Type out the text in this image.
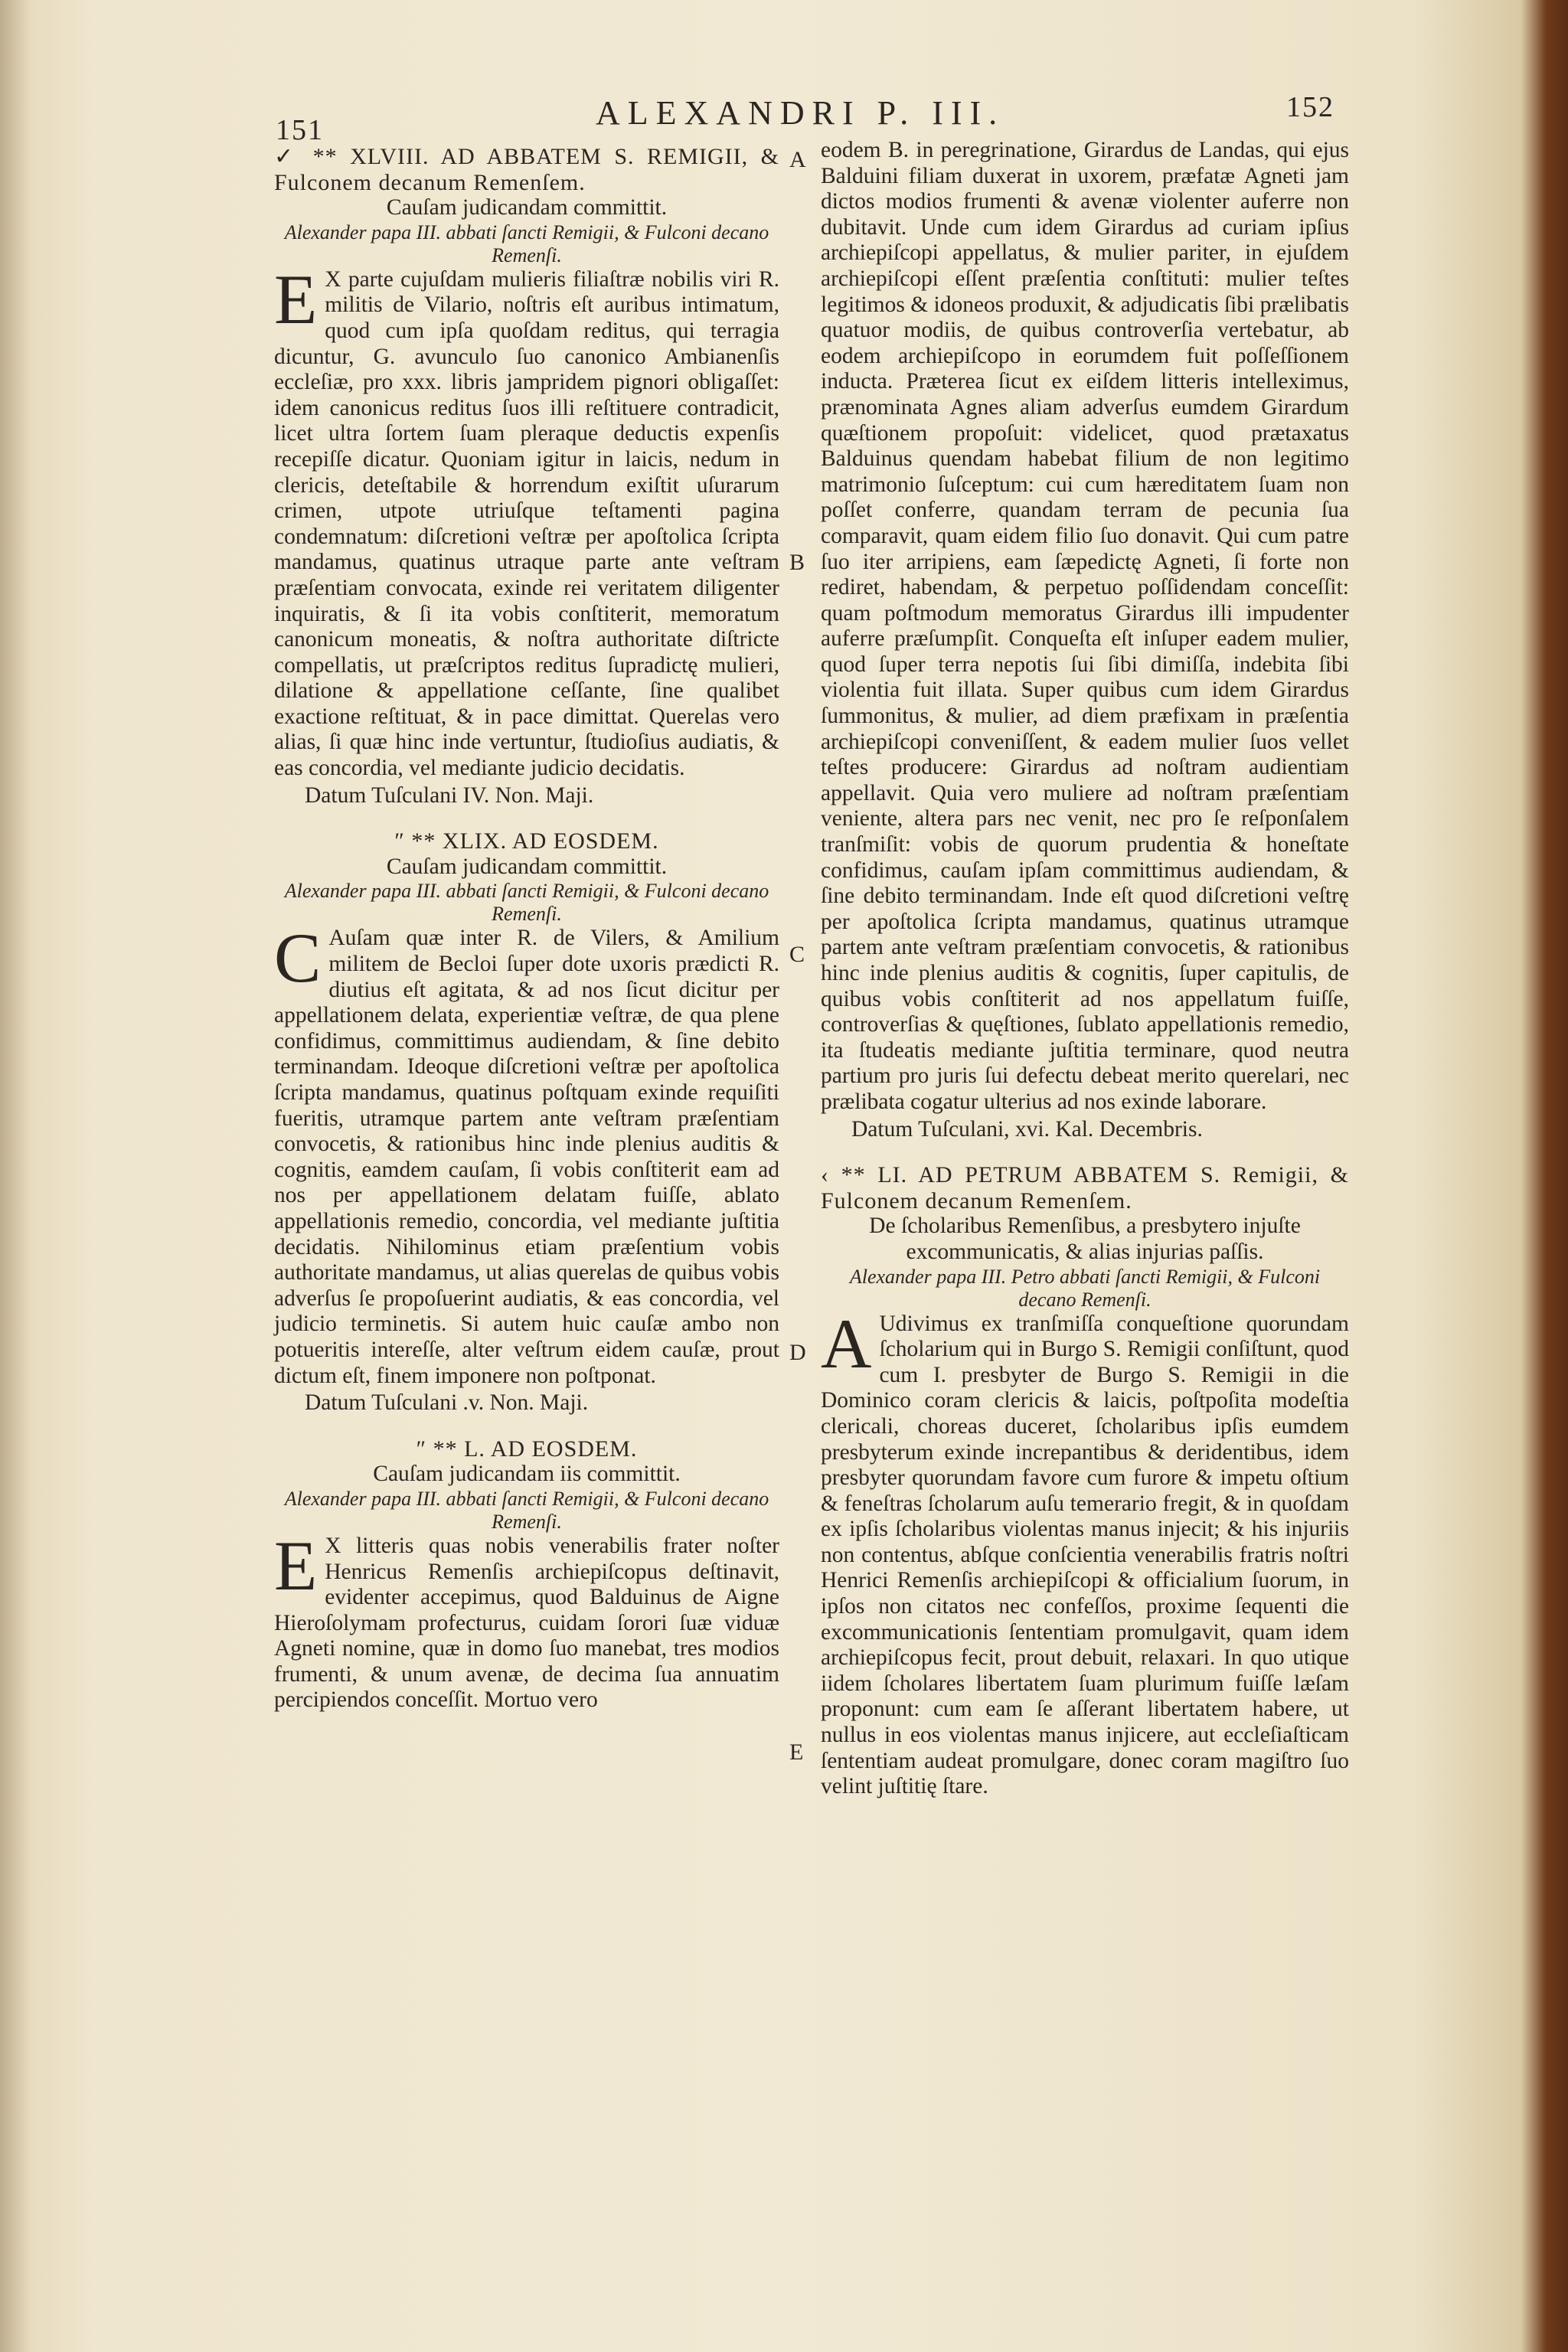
151	ALEXANDRI P. III.	152
A
B
C
D
E

✓ ** XLVIII. AD ABBATEM S. REMIGII, & Fulconem decanum Remenſem.

Cauſam judicandam committit.

Alexander papa III. abbati ſancti Remigii, & Fulconi decano Remenſi.

E X parte cujuſdam mulieris filiaſtræ nobilis viri R. militis de Vilario, noſtris eſt auribus intimatum, quod cum ipſa quoſdam reditus, qui terragia dicuntur, G. avunculo ſuo canonico Ambianenſis eccleſiæ, pro xxx. libris jampridem pignori obligaſſet: idem canonicus reditus ſuos illi reſtituere contradicit, licet ultra ſortem ſuam pleraque deductis expenſis recepiſſe dicatur. Quoniam igitur in laicis, nedum in clericis, deteſtabile & horrendum exiſtit uſurarum crimen, utpote utriuſque teſtamenti pagina condemnatum: diſcretioni veſtræ per apoſtolica ſcripta mandamus, quatinus utraque parte ante veſtram præſentiam convocata, exinde rei veritatem diligenter inquiratis, & ſi ita vobis conſtiterit, memoratum canonicum moneatis, & noſtra authoritate diſtricte compellatis, ut præſcriptos reditus ſupradictę mulieri, dilatione & appellatione ceſſante, ſine qualibet exactione reſtituat, & in pace dimittat. Querelas vero alias, ſi quæ hinc inde vertuntur, ſtudioſius audiatis, & eas concordia, vel mediante judicio decidatis.

Datum Tuſculani IV. Non. Maji.

″ ** XLIX. AD EOSDEM.

Cauſam judicandam committit.

Alexander papa III. abbati ſancti Remigii, & Fulconi decano Remenſi.

C Auſam quæ inter R. de Vilers, & Amilium militem de Becloi ſuper dote uxoris prædicti R. diutius eſt agitata, & ad nos ſicut dicitur per appellationem delata, experientiæ veſtræ, de qua plene confidimus, committimus audiendam, & ſine debito terminandam. Ideoque diſcretioni veſtræ per apoſtolica ſcripta mandamus, quatinus poſtquam exinde requiſiti fueritis, utramque partem ante veſtram præſentiam convocetis, & rationibus hinc inde plenius auditis & cognitis, eamdem cauſam, ſi vobis conſtiterit eam ad nos per appellationem delatam fuiſſe, ablato appellationis remedio, concordia, vel mediante juſtitia decidatis. Nihilominus etiam præſentium vobis authoritate mandamus, ut alias querelas de quibus vobis adverſus ſe propoſuerint audiatis, & eas concordia, vel judicio terminetis. Si autem huic cauſæ ambo non potueritis intereſſe, alter veſtrum eidem cauſæ, prout dictum eſt, finem imponere non poſtponat.

Datum Tuſculani .v. Non. Maji.

″ ** L. AD EOSDEM.

Cauſam judicandam iis committit.

Alexander papa III. abbati ſancti Remigii, & Fulconi decano Remenſi.

E X litteris quas nobis venerabilis frater noſter Henricus Remenſis archiepiſcopus deſtinavit, evidenter accepimus, quod Balduinus de Aigne Hieroſolymam profecturus, cuidam ſorori ſuæ viduæ Agneti nomine, quæ in domo ſuo manebat, tres modios frumenti, & unum avenæ, de decima ſua annuatim percipiendos conceſſit. Mortuo vero

eodem B. in peregrinatione, Girardus de Landas, qui ejus Balduini filiam duxerat in uxorem, præfatæ Agneti jam dictos modios frumenti & avenæ violenter auferre non dubitavit. Unde cum idem Girardus ad curiam ipſius archiepiſcopi appellatus, & mulier pariter, in ejuſdem archiepiſcopi eſſent præſentia conſtituti: mulier teſtes legitimos & idoneos produxit, & adjudicatis ſibi prælibatis quatuor modiis, de quibus controverſia vertebatur, ab eodem archiepiſcopo in eorumdem fuit poſſeſſionem inducta. Præterea ſicut ex eiſdem litteris intelleximus, prænominata Agnes aliam adverſus eumdem Girardum quæſtionem propoſuit: videlicet, quod prætaxatus Balduinus quendam habebat filium de non legitimo matrimonio ſuſceptum: cui cum hæreditatem ſuam non poſſet conferre, quandam terram de pecunia ſua comparavit, quam eidem filio ſuo donavit. Qui cum patre ſuo iter arripiens, eam ſæpedictę Agneti, ſi forte non rediret, habendam, & perpetuo poſſidendam conceſſit: quam poſtmodum memoratus Girardus illi impudenter auferre præſumpſit. Conqueſta eſt inſuper eadem mulier, quod ſuper terra nepotis ſui ſibi dimiſſa, indebita ſibi violentia fuit illata. Super quibus cum idem Girardus ſummonitus, & mulier, ad diem præfixam in præſentia archiepiſcopi conveniſſent, & eadem mulier ſuos vellet teſtes producere: Girardus ad noſtram audientiam appellavit. Quia vero muliere ad noſtram præſentiam veniente, altera pars nec venit, nec pro ſe reſponſalem tranſmiſit: vobis de quorum prudentia & honeſtate confidimus, cauſam ipſam committimus audiendam, & ſine debito terminandam. Inde eſt quod diſcretioni veſtrę per apoſtolica ſcripta mandamus, quatinus utramque partem ante veſtram præſentiam convocetis, & rationibus hinc inde plenius auditis & cognitis, ſuper capitulis, de quibus vobis conſtiterit ad nos appellatum fuiſſe, controverſias & quęſtiones, ſublato appellationis remedio, ita ſtudeatis mediante juſtitia terminare, quod neutra partium pro juris ſui defectu debeat merito querelari, nec prælibata cogatur ulterius ad nos exinde laborare.

Datum Tuſculani, xvi. Kal. Decembris.

‹ ** LI. AD PETRUM ABBATEM S. Remigii, & Fulconem decanum Remenſem.

De ſcholaribus Remenſibus, a presbytero injuſte excommunicatis, & alias injurias paſſis.

Alexander papa III. Petro abbati ſancti Remigii, & Fulconi decano Remenſi.

A Udivimus ex tranſmiſſa conqueſtione quorundam ſcholarium qui in Burgo S. Remigii conſiſtunt, quod cum I. presbyter de Burgo S. Remigii in die Dominico coram clericis & laicis, poſtpoſita modeſtia clericali, choreas duceret, ſcholaribus ipſis eumdem presbyterum exinde increpantibus & deridentibus, idem presbyter quorundam favore cum furore & impetu oſtium & feneſtras ſcholarum auſu temerario fregit, & in quoſdam ex ipſis ſcholaribus violentas manus injecit; & his injuriis non contentus, abſque conſcientia venerabilis fratris noſtri Henrici Remenſis archiepiſcopi & officialium ſuorum, in ipſos non citatos nec confeſſos, proxime ſequenti die excommunicationis ſententiam promulgavit, quam idem archiepiſcopus fecit, prout debuit, relaxari. In quo utique iidem ſcholares libertatem ſuam plurimum fuiſſe læſam proponunt: cum eam ſe aſſerant libertatem habere, ut nullus in eos violentas manus injicere, aut eccleſiaſticam ſententiam audeat promulgare, donec coram magiſtro ſuo velint juſtitię ſtare.
